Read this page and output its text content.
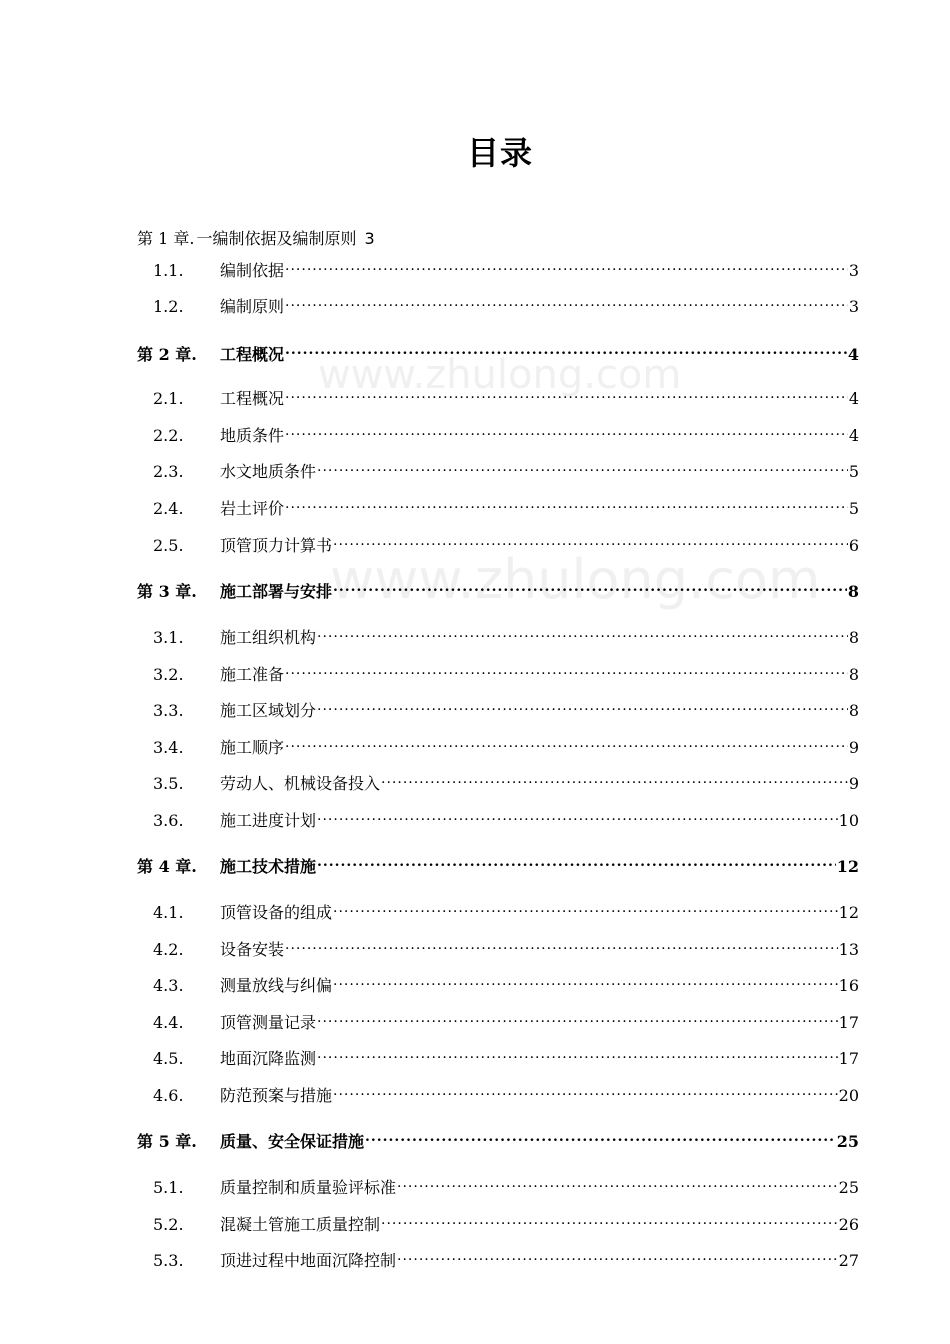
www.zhulong.com
www.zhulong.com
目录
第 1 章. 一编制依据及编制原则 3
1.1.	编制依据 .....	3
1.2.	编制原则 .....	3
第 2 章.	工程概况 .....	4
2.1.	工程概况 .....	4
2.2.	地质条件 .....	4
2.3.	水文地质条件 .....	5
2.4.	岩土评价 .....	5
2.5.	顶管顶力计算书 .....	6
第 3 章.	施工部署与安排 .....	8
3.1.	施工组织机构 .....	8
3.2.	施工准备 .....	8
3.3.	施工区域划分 .....	8
3.4.	施工顺序 .....	9
3.5.	劳动人、机械设备投入 .....	9
3.6.	施工进度计划 .....	10
第 4 章.	施工技术措施 .....	12
4.1.	顶管设备的组成 .....	12
4.2.	设备安装 .....	13
4.3.	测量放线与纠偏 .....	16
4.4.	顶管测量记录 .....	17
4.5.	地面沉降监测 .....	17
4.6.	防范预案与措施 .....	20
第 5 章.	质量、安全保证措施 .....	25
5.1.	质量控制和质量验评标准 .....	25
5.2.	混凝土管施工质量控制 .....	26
5.3.	顶进过程中地面沉降控制 .....	27
